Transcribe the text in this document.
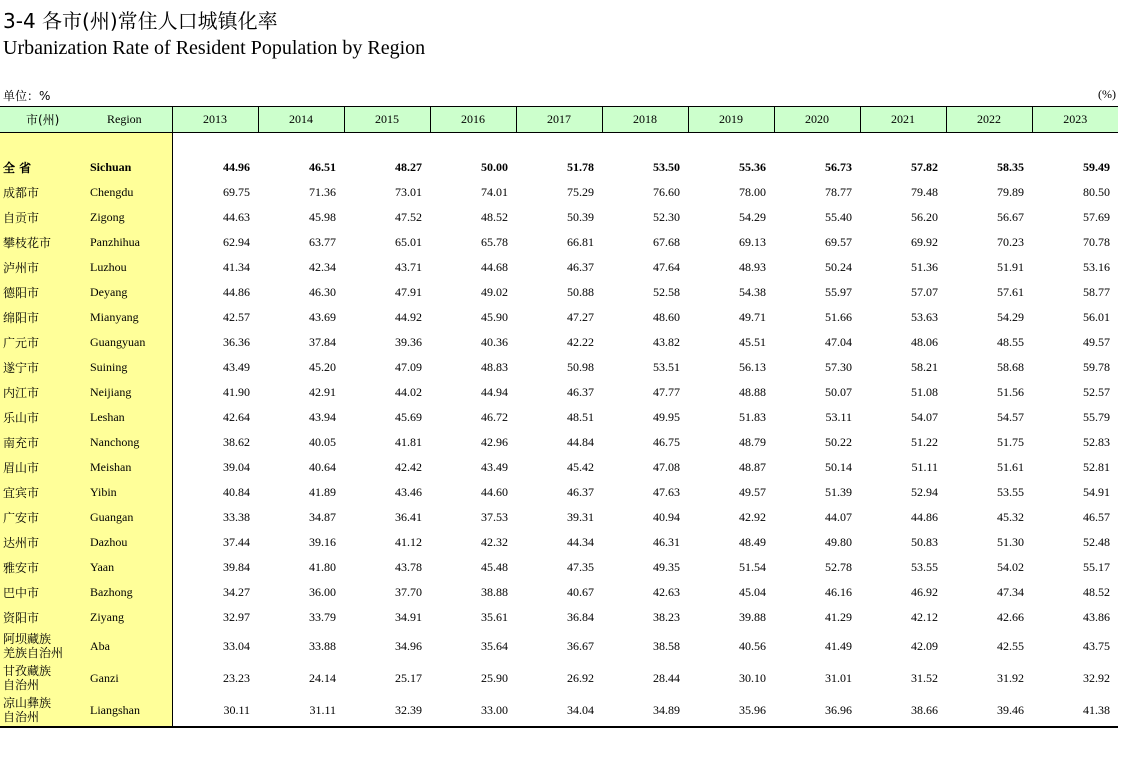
3-4 各市(州)常住人口城镇化率
Urbanization Rate of Resident Population by Region
单位：%	(%)
市(州)	Region	2013	2014	2015	2016	2017	2018	2019	2020	2021	2022	2023

全 省	Sichuan	44.96	46.51	48.27	50.00	51.78	53.50	55.36	56.73	57.82	58.35	59.49
成都市	Chengdu	69.75	71.36	73.01	74.01	75.29	76.60	78.00	78.77	79.48	79.89	80.50
自贡市	Zigong	44.63	45.98	47.52	48.52	50.39	52.30	54.29	55.40	56.20	56.67	57.69
攀枝花市	Panzhihua	62.94	63.77	65.01	65.78	66.81	67.68	69.13	69.57	69.92	70.23	70.78
泸州市	Luzhou	41.34	42.34	43.71	44.68	46.37	47.64	48.93	50.24	51.36	51.91	53.16
德阳市	Deyang	44.86	46.30	47.91	49.02	50.88	52.58	54.38	55.97	57.07	57.61	58.77
绵阳市	Mianyang	42.57	43.69	44.92	45.90	47.27	48.60	49.71	51.66	53.63	54.29	56.01
广元市	Guangyuan	36.36	37.84	39.36	40.36	42.22	43.82	45.51	47.04	48.06	48.55	49.57
遂宁市	Suining	43.49	45.20	47.09	48.83	50.98	53.51	56.13	57.30	58.21	58.68	59.78
内江市	Neijiang	41.90	42.91	44.02	44.94	46.37	47.77	48.88	50.07	51.08	51.56	52.57
乐山市	Leshan	42.64	43.94	45.69	46.72	48.51	49.95	51.83	53.11	54.07	54.57	55.79
南充市	Nanchong	38.62	40.05	41.81	42.96	44.84	46.75	48.79	50.22	51.22	51.75	52.83
眉山市	Meishan	39.04	40.64	42.42	43.49	45.42	47.08	48.87	50.14	51.11	51.61	52.81
宜宾市	Yibin	40.84	41.89	43.46	44.60	46.37	47.63	49.57	51.39	52.94	53.55	54.91
广安市	Guangan	33.38	34.87	36.41	37.53	39.31	40.94	42.92	44.07	44.86	45.32	46.57
达州市	Dazhou	37.44	39.16	41.12	42.32	44.34	46.31	48.49	49.80	50.83	51.30	52.48
雅安市	Yaan	39.84	41.80	43.78	45.48	47.35	49.35	51.54	52.78	53.55	54.02	55.17
巴中市	Bazhong	34.27	36.00	37.70	38.88	40.67	42.63	45.04	46.16	46.92	47.34	48.52
资阳市	Ziyang	32.97	33.79	34.91	35.61	36.84	38.23	39.88	41.29	42.12	42.66	43.86
阿坝藏族
羌族自治州	Aba	33.04	33.88	34.96	35.64	36.67	38.58	40.56	41.49	42.09	42.55	43.75
甘孜藏族
自治州	Ganzi	23.23	24.14	25.17	25.90	26.92	28.44	30.10	31.01	31.52	31.92	32.92
凉山彝族
自治州	Liangshan	30.11	31.11	32.39	33.00	34.04	34.89	35.96	36.96	38.66	39.46	41.38
